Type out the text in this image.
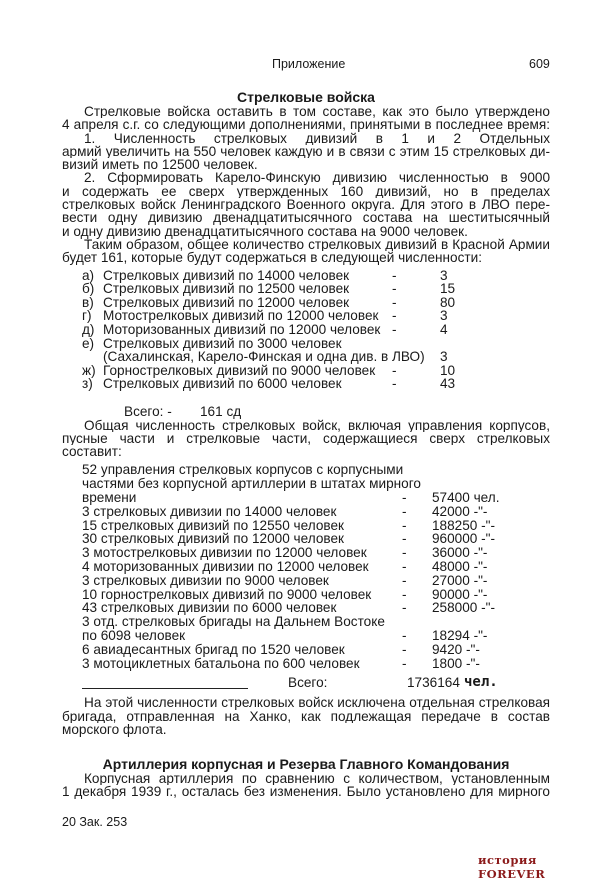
Приложение	609
Стрелковые войска
Стрелковые войска оставить в том составе, как это было утверждено
4 апреля с.г. со следующими дополнениями, принятыми в последнее время:
1. Численность стрелковых дивизий в 1 и 2 Отдельных
армий увеличить на 550 человек каждую и в связи с этим 15 стрелковых ди-
визий иметь по 12500 человек.
2. Сформировать Карело-Финскую дивизию численностью в 9000
и содержать ее сверх утвержденных 160 дивизий, но в пределах
стрелковых войск Ленинградского Военного округа. Для этого в ЛВО пере-
вести одну дивизию двенадцатитысячного состава на шеститысячный
и одну дивизию двенадцатитысячного состава на 9000 человек.
Таким образом, общее количество стрелковых дивизий в Красной Армии
будет 161, которые будут содержаться в следующей численности:
а) Стрелковых дивизий по 14000 человек	-	3
б) Стрелковых дивизий по 12500 человек	-	15
в) Стрелковых дивизий по 12000 человек	-	80
г) Мотострелковых дивизий по 12000 человек -	3
д) Моторизованных дивизий по 12000 человек -	4
е) Стрелковых дивизий по 3000 человек
(Сахалинская, Карело-Финская и одна див. в ЛВО) 3
ж) Горнострелковых дивизий по 9000 человек -	10
з) Стрелковых дивизий по 6000 человек	-	43
Всего: - 161 сд
Общая численность стрелковых войск, включая управления корпусов,
пусные части и стрелковые части, содержащиеся сверх стрелковых
составит:
52 управления стрелковых корпусов с корпусными
частями без корпусной артиллерии в штатах мирного
времени	- 57400 чел.
3 стрелковых дивизии по 14000 человек	- 42000 -"-
15 стрелковых дивизий по 12550 человек	- 188250 -"-
30 стрелковых дивизий по 12000 человек	- 960000 -"-
3 мотострелковых дивизии по 12000 человек	- 36000 -"-
4 моторизованных дивизии по 12000 человек - 48000 -"-
3 стрелковых дивизии по 9000 человек	- 27000 -"-
10 горнострелковых дивизий по 9000 человек - 90000 -"-
43 стрелковых дивизии по 6000 человек	- 258000 -"-
3 отд. стрелковых бригады на Дальнем Востоке
по 6098 человек	- 18294 -"-
6 авиадесантных бригад по 1520 человек	- 9420 -"-
3 мотоциклетных батальона по 600 человек	- 1800 -"-
Всего:	1736164 чел.
На этой численности стрелковых войск исключена отдельная стрелковая
бригада, отправленная на Ханко, как подлежащая передаче в состав
морского флота.
Артиллерия корпусная и Резерва Главного Командования
Корпусная артиллерия по сравнению с количеством, установленным
1 декабря 1939 г., осталась без изменения. Было установлено для мирного
20 Зак. 253
история FOREVER
